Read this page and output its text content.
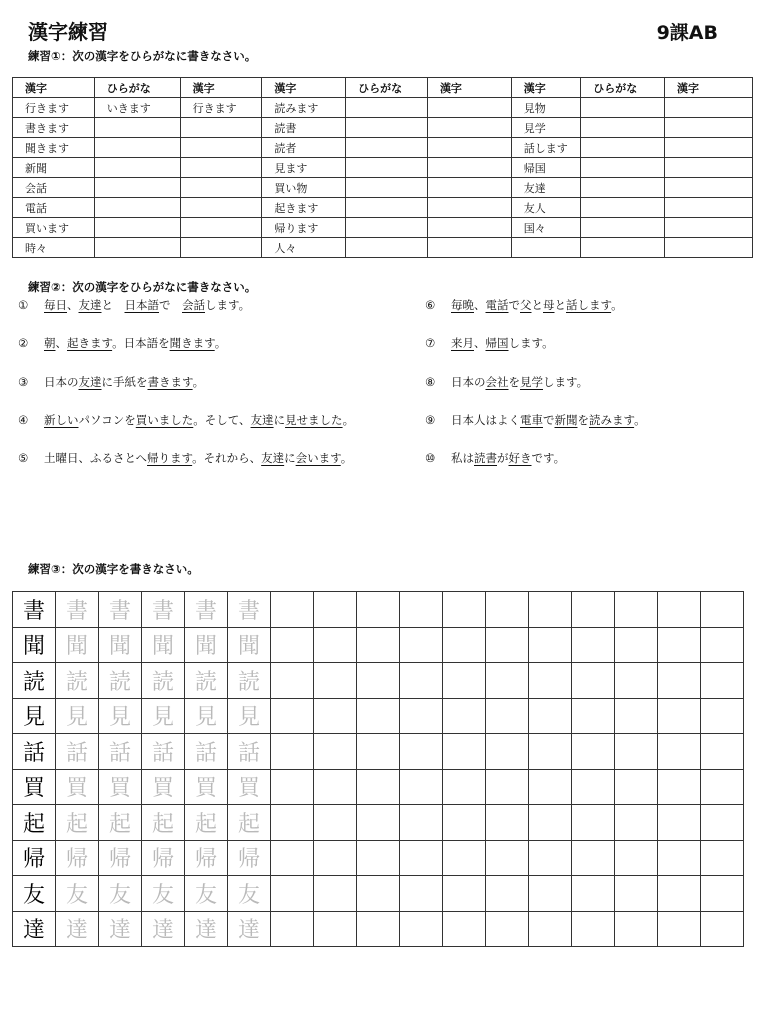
漢字練習	9課AB
練習①：次の漢字をひらがなに書きなさい。
漢字	ひらがな	漢字	漢字	ひらがな	漢字	漢字	ひらがな	漢字
行きます	いきます	行きます	読みます			見物		
書きます			読書			見学		
聞きます			読者			話します		
新聞			見ます			帰国		
会話			買い物			友達		
電話			起きます			友人		
買います			帰ります			国々		
時々			人々					
練習②：次の漢字をひらがなに書きなさい。
① 毎日、友達と　日本語で　会話します。
② 朝、起きます。日本語を聞きます。
③ 日本の友達に手紙を書きます。
④ 新しいパソコンを買いました。そして、友達に見せました。
⑤ 土曜日、ふるさとへ帰ります。それから、友達に会います。
⑥ 毎晩、電話で父と母と話します。
⑦ 来月、帰国します。
⑧ 日本の会社を見学します。
⑨ 日本人はよく電車で新聞を読みます。
⑩ 私は読書が好きです。
練習③：次の漢字を書きなさい。
書	書	書	書	書	書											
聞	聞	聞	聞	聞	聞											
読	読	読	読	読	読											
見	見	見	見	見	見											
話	話	話	話	話	話											
買	買	買	買	買	買											
起	起	起	起	起	起											
帰	帰	帰	帰	帰	帰											
友	友	友	友	友	友											
達	達	達	達	達	達											
